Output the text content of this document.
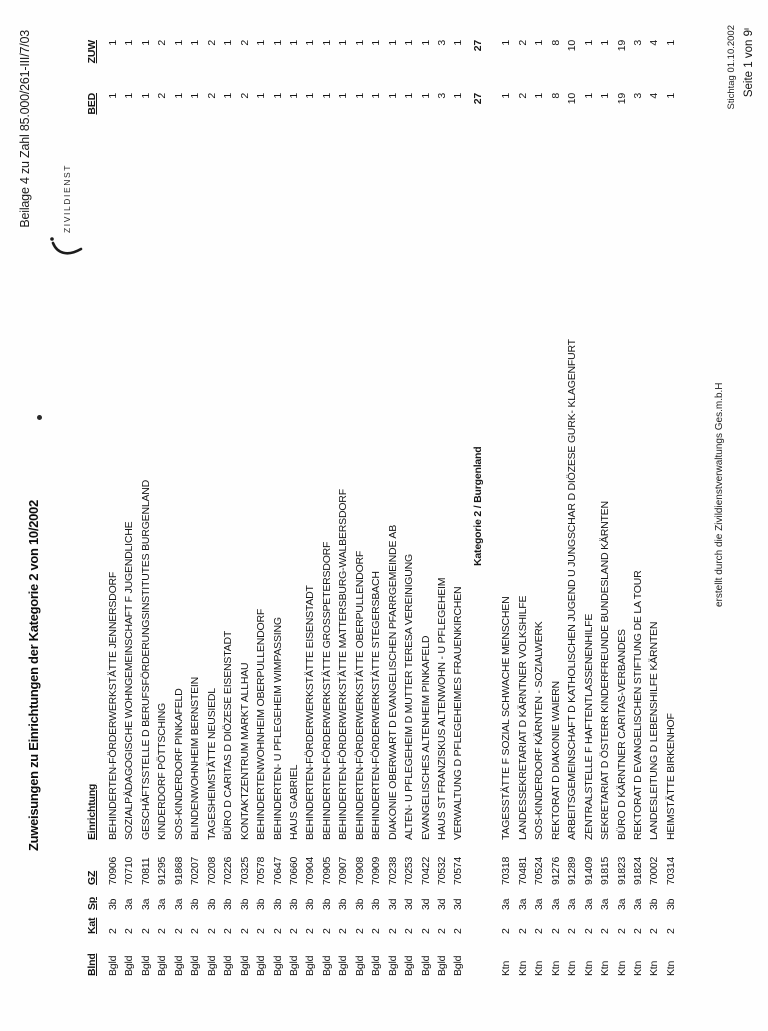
Zuweisungen zu Einrichtungen der Kategorie 2 von 10/2002
Beilage 4 zu Zahl 85.000/261-III/7/03	ZIVILDIENST
Blnd
Kat
Sp
GZ
Einrichtung
BED
ZUW
Bgld
2
3b
70906
BEHINDERTEN-FÖRDERWERKSTÄTTE JENNERSDORF
1
1
Bgld
2
3a
70710
SOZIALPÄDAGOGISCHE WOHNGEMEINSCHAFT F JUGENDLICHE
1
1
Bgld
2
3a
70811
GESCHÄFTSSTELLE D BERUFSFÖRDERUNGSINSTITUTES BURGENLAND
1
1
Bgld
2
3a
91295
KINDERDORF PÖTTSCHING
2
2
Bgld
2
3a
91868
SOS-KINDERDORF PINKAFELD
1
1
Bgld
2
3b
70207
BLINDENWOHNHEIM BERNSTEIN
1
1
Bgld
2
3b
70208
TAGESHEIMSTÄTTE NEUSIEDL
2
2
Bgld
2
3b
70226
BÜRO D CARITAS D DIÖZESE EISENSTADT
1
1
Bgld
2
3b
70325
KONTAKTZENTRUM MARKT ALLHAU
2
2
Bgld
2
3b
70578
BEHINDERTENWOHNHEIM OBERPULLENDORF
1
1
Bgld
2
3b
70647
BEHINDERTEN- U PFLEGEHEIM WIMPASSING
1
1
Bgld
2
3b
70660
HAUS GABRIEL
1
1
Bgld
2
3b
70904
BEHINDERTEN-FÖRDERWERKSTÄTTE EISENSTADT
1
1
Bgld
2
3b
70905
BEHINDERTEN-FÖRDERWERKSTÄTTE GROSSPETERSDORF
1
1
Bgld
2
3b
70907
BEHINDERTEN-FÖRDERWERKSTÄTTE MATTERSBURG-WALBERSDORF
1
1
Bgld
2
3b
70908
BEHINDERTEN-FÖRDERWERKSTÄTTE OBERPULLENDORF
1
1
Bgld
2
3b
70909
BEHINDERTEN-FÖRDERWERKSTÄTTE STEGERSBACH
1
1
Bgld
2
3d
70238
DIAKONIE OBERWART D EVANGELISCHEN PFARRGEMEINDE AB
1
1
Bgld
2
3d
70253
ALTEN- U PFLEGEHEIM D MUTTER TERESA VEREINIGUNG
1
1
Bgld
2
3d
70422
EVANGELISCHES ALTENHEIM PINKAFELD
1
1
Bgld
2
3d
70532
HAUS ST FRANZISKUS ALTENWOHN - U PFLEGEHEIM
3
3
Bgld
2
3d
70574
VERWALTUNG D PFLEGEHEIMES FRAUENKIRCHEN
1
1
Kategorie 2 / Burgenland
27
27
Ktn
2
3a
70318
TAGESSTÄTTE F SOZIAL SCHWACHE MENSCHEN
1
1
Ktn
2
3a
70481
LANDESSEKRETARIAT D KÄRNTNER VOLKSHILFE
2
2
Ktn
2
3a
70524
SOS-KINDERDORF KÄRNTEN - SOZIALWERK
1
1
Ktn
2
3a
91276
REKTORAT D DIAKONIE WAIERN
8
8
Ktn
2
3a
91289
ARBEITSGEMEINSCHAFT D KATHOLISCHEN JUGEND U JUNGSCHAR D DIÖZESE GURK- KLAGENFURT
10
10
Ktn
2
3a
91409
ZENTRALSTELLE F HAFTENTLASSENENHILFE
1
1
Ktn
2
3a
91815
SEKRETARIAT D ÖSTERR KINDERFREUNDE BUNDESLAND KÄRNTEN
1
1
Ktn
2
3a
91823
BÜRO D KÄRNTNER CARITAS-VERBANDES
19
19
Ktn
2
3a
91824
REKTORAT D EVANGELISCHEN STIFTUNG DE LA TOUR
3
3
Ktn
2
3b
70002
LANDESLEITUNG D LEBENSHILFE KÄRNTEN
4
4
Ktn
2
3b
70314
HEIMSTÄTTE BIRKENHOF
1
1
erstellt durch die Zivildienstverwaltungs Ges.m.b.H
Stichtag 01.10.2002 Seite 1 von 9
